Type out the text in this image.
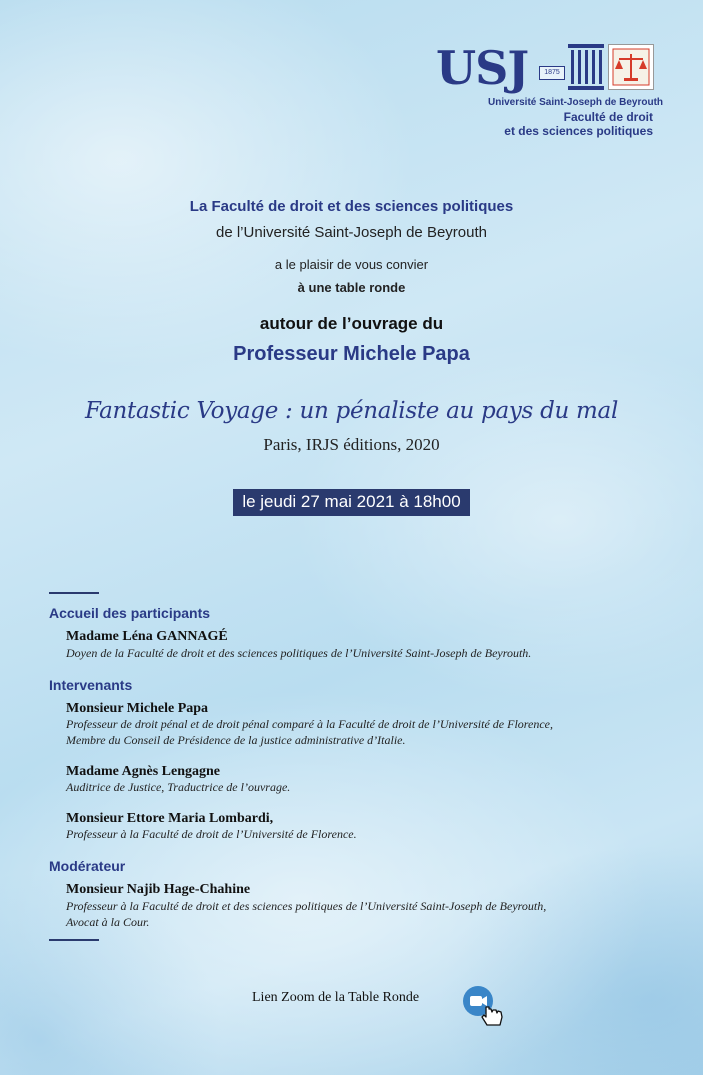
USJ	1875
Université Saint-Joseph de Beyrouth
Faculté de droit
et des sciences politiques
La Faculté de droit et des sciences politiques
de l’Université Saint-Joseph de Beyrouth
a le plaisir de vous convier
à une table ronde
autour de l’ouvrage du
Professeur Michele Papa
Fantastic Voyage : un pénaliste au pays du mal
Paris, IRJS éditions, 2020
le jeudi 27 mai 2021 à 18h00
Accueil des participants
Madame Léna GANNAGÉ
Doyen de la Faculté de droit et des sciences politiques de l’Université Saint-Joseph de Beyrouth.
Intervenants
Monsieur Michele Papa
Professeur de droit pénal et de droit pénal comparé à la Faculté de droit de l’Université de Florence,
Membre du Conseil de Présidence de la justice administrative d’Italie.
Madame Agnès Lengagne
Auditrice de Justice, Traductrice de l’ouvrage.
Monsieur Ettore Maria Lombardi,
Professeur à la Faculté de droit de l’Université de Florence.
Modérateur
Monsieur Najib Hage-Chahine
Professeur à la Faculté de droit et des sciences politiques de l’Université Saint-Joseph de Beyrouth,
Avocat à la Cour.
Lien Zoom de la Table Ronde
